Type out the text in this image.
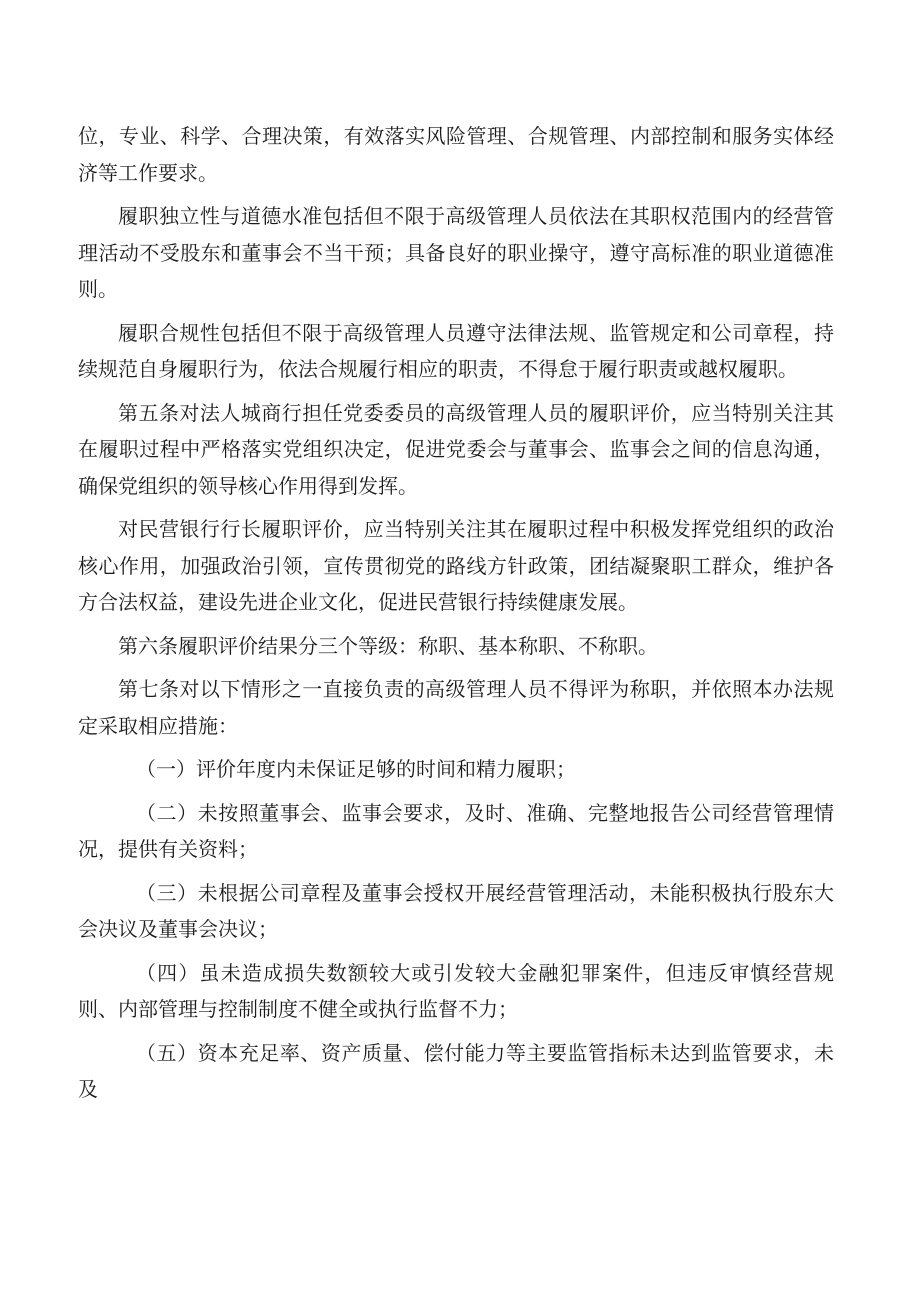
位，专业、科学、合理决策，有效落实风险管理、合规管理、内部控制和服务实体经济等工作要求。

履职独立性与道德水准包括但不限于高级管理人员依法在其职权范围内的经营管理活动不受股东和董事会不当干预；具备良好的职业操守，遵守高标准的职业道德准则。

履职合规性包括但不限于高级管理人员遵守法律法规、监管规定和公司章程，持续规范自身履职行为，依法合规履行相应的职责，不得怠于履行职责或越权履职。

第五条对法人城商行担任党委委员的高级管理人员的履职评价，应当特别关注其在履职过程中严格落实党组织决定，促进党委会与董事会、监事会之间的信息沟通，确保党组织的领导核心作用得到发挥。

对民营银行行长履职评价，应当特别关注其在履职过程中积极发挥党组织的政治核心作用，加强政治引领，宣传贯彻党的路线方针政策，团结凝聚职工群众，维护各方合法权益，建设先进企业文化，促进民营银行持续健康发展。

第六条履职评价结果分三个等级：称职、基本称职、不称职。

第七条对以下情形之一直接负责的高级管理人员不得评为称职，并依照本办法规定采取相应措施：

（一）评价年度内未保证足够的时间和精力履职；

（二）未按照董事会、监事会要求，及时、准确、完整地报告公司经营管理情况，提供有关资料；

（三）未根据公司章程及董事会授权开展经营管理活动，未能积极执行股东大会决议及董事会决议；

（四）虽未造成损失数额较大或引发较大金融犯罪案件，但违反审慎经营规则、内部管理与控制制度不健全或执行监督不力；

（五）资本充足率、资产质量、偿付能力等主要监管指标未达到监管要求，未及
